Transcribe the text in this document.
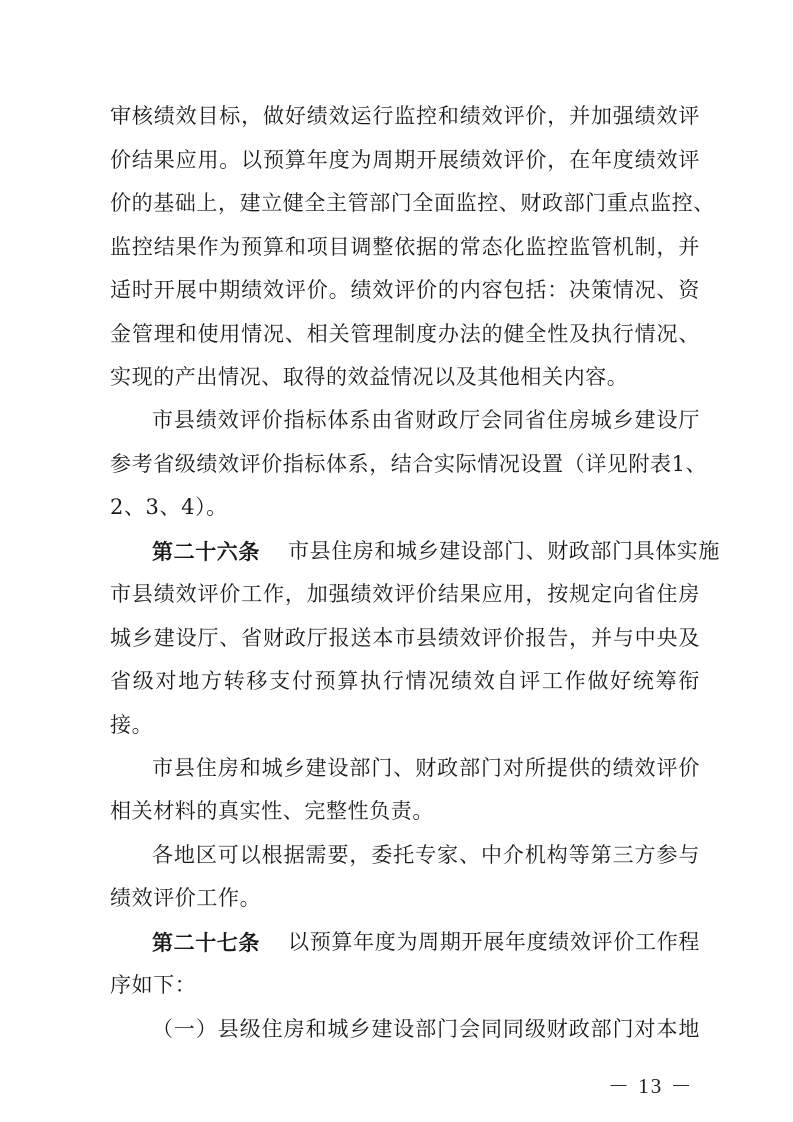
审核绩效目标，做好绩效运行监控和绩效评价，并加强绩效评
价结果应用。以预算年度为周期开展绩效评价，在年度绩效评
价的基础上，建立健全主管部门全面监控、财政部门重点监控、
监控结果作为预算和项目调整依据的常态化监控监管机制，并
适时开展中期绩效评价。绩效评价的内容包括：决策情况、资
金管理和使用情况、相关管理制度办法的健全性及执行情况、
实现的产出情况、取得的效益情况以及其他相关内容。
市县绩效评价指标体系由省财政厅会同省住房城乡建设厅
参考省级绩效评价指标体系，结合实际情况设置（详见附表1、
2、3、4）。
第二十六条 市县住房和城乡建设部门、财政部门具体实施
市县绩效评价工作，加强绩效评价结果应用，按规定向省住房
城乡建设厅、省财政厅报送本市县绩效评价报告，并与中央及
省级对地方转移支付预算执行情况绩效自评工作做好统筹衔
接。
市县住房和城乡建设部门、财政部门对所提供的绩效评价
相关材料的真实性、完整性负责。
各地区可以根据需要，委托专家、中介机构等第三方参与
绩效评价工作。
第二十七条 以预算年度为周期开展年度绩效评价工作程
序如下：
（一）县级住房和城乡建设部门会同同级财政部门对本地
－ 13 －
